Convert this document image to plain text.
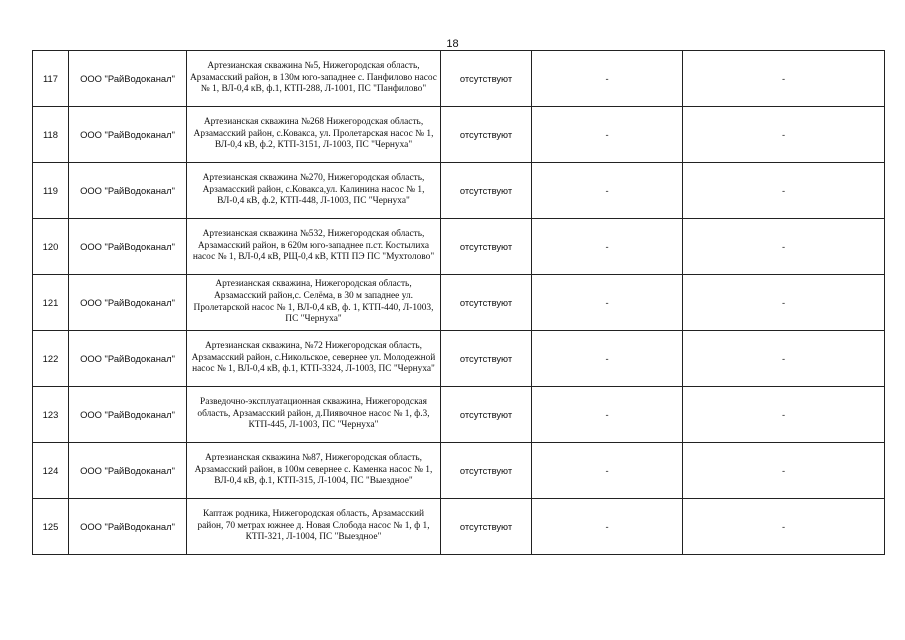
18
117	ООО "РайВодоканал"	Артезианская скважина №5, Нижегородская область, Арзамасский район, в 130м юго-западнее с. Панфилово насос № 1, ВЛ-0,4 кВ, ф.1, КТП-288, Л-1001, ПС "Панфилово"	отсутствуют	-	-
118	ООО "РайВодоканал"	Артезианская скважина №268 Нижегородская область, Арзамасский район, с.Ковакса, ул. Пролетарская насос № 1, ВЛ-0,4 кВ, ф.2, КТП-3151, Л-1003, ПС "Чернуха"	отсутствуют	-	-
119	ООО "РайВодоканал"	Артезианская скважина №270, Нижегородская область, Арзамасский район, с.Ковакса,ул. Калинина насос № 1, ВЛ-0,4 кВ, ф.2, КТП-448, Л-1003, ПС "Чернуха"	отсутствуют	-	-
120	ООО "РайВодоканал"	Артезианская скважина №532, Нижегородская область, Арзамасский район, в 620м юго-западнее п.ст. Костылиха насос № 1, ВЛ-0,4 кВ, РЩ-0,4 кВ, КТП ПЭ ПС "Мухтолово"	отсутствуют	-	-
121	ООО "РайВодоканал"	Артезианская скважина, Нижегородская область, Арзамасский район,с. Селёма, в 30 м западнее ул. Пролетарской насос № 1, ВЛ-0,4 кВ, ф. 1, КТП-440, Л-1003, ПС "Чернуха"	отсутствуют	-	-
122	ООО "РайВодоканал"	Артезианская скважина, №72 Нижегородская область, Арзамасский район, с.Никольское, севернее ул. Молодежной насос № 1, ВЛ-0,4 кВ, ф.1, КТП-3324, Л-1003, ПС "Чернуха"	отсутствуют	-	-
123	ООО "РайВодоканал"	Разведочно-эксплуатационная скважина, Нижегородская область, Арзамасский район, д.Пиявочное насос № 1, ф.3, КТП-445, Л-1003, ПС "Чернуха"	отсутствуют	-	-
124	ООО "РайВодоканал"	Артезианская скважина №87, Нижегородская область, Арзамасский район, в 100м севернее с. Каменка насос № 1, ВЛ-0,4 кВ, ф.1, КТП-315, Л-1004, ПС "Выездное"	отсутствуют	-	-
125	ООО "РайВодоканал"	Каптаж родника, Нижегородская область, Арзамасский район, 70 метрах южнее д. Новая Слобода насос № 1, ф 1, КТП-321, Л-1004, ПС "Выездное"	отсутствуют	-	-
